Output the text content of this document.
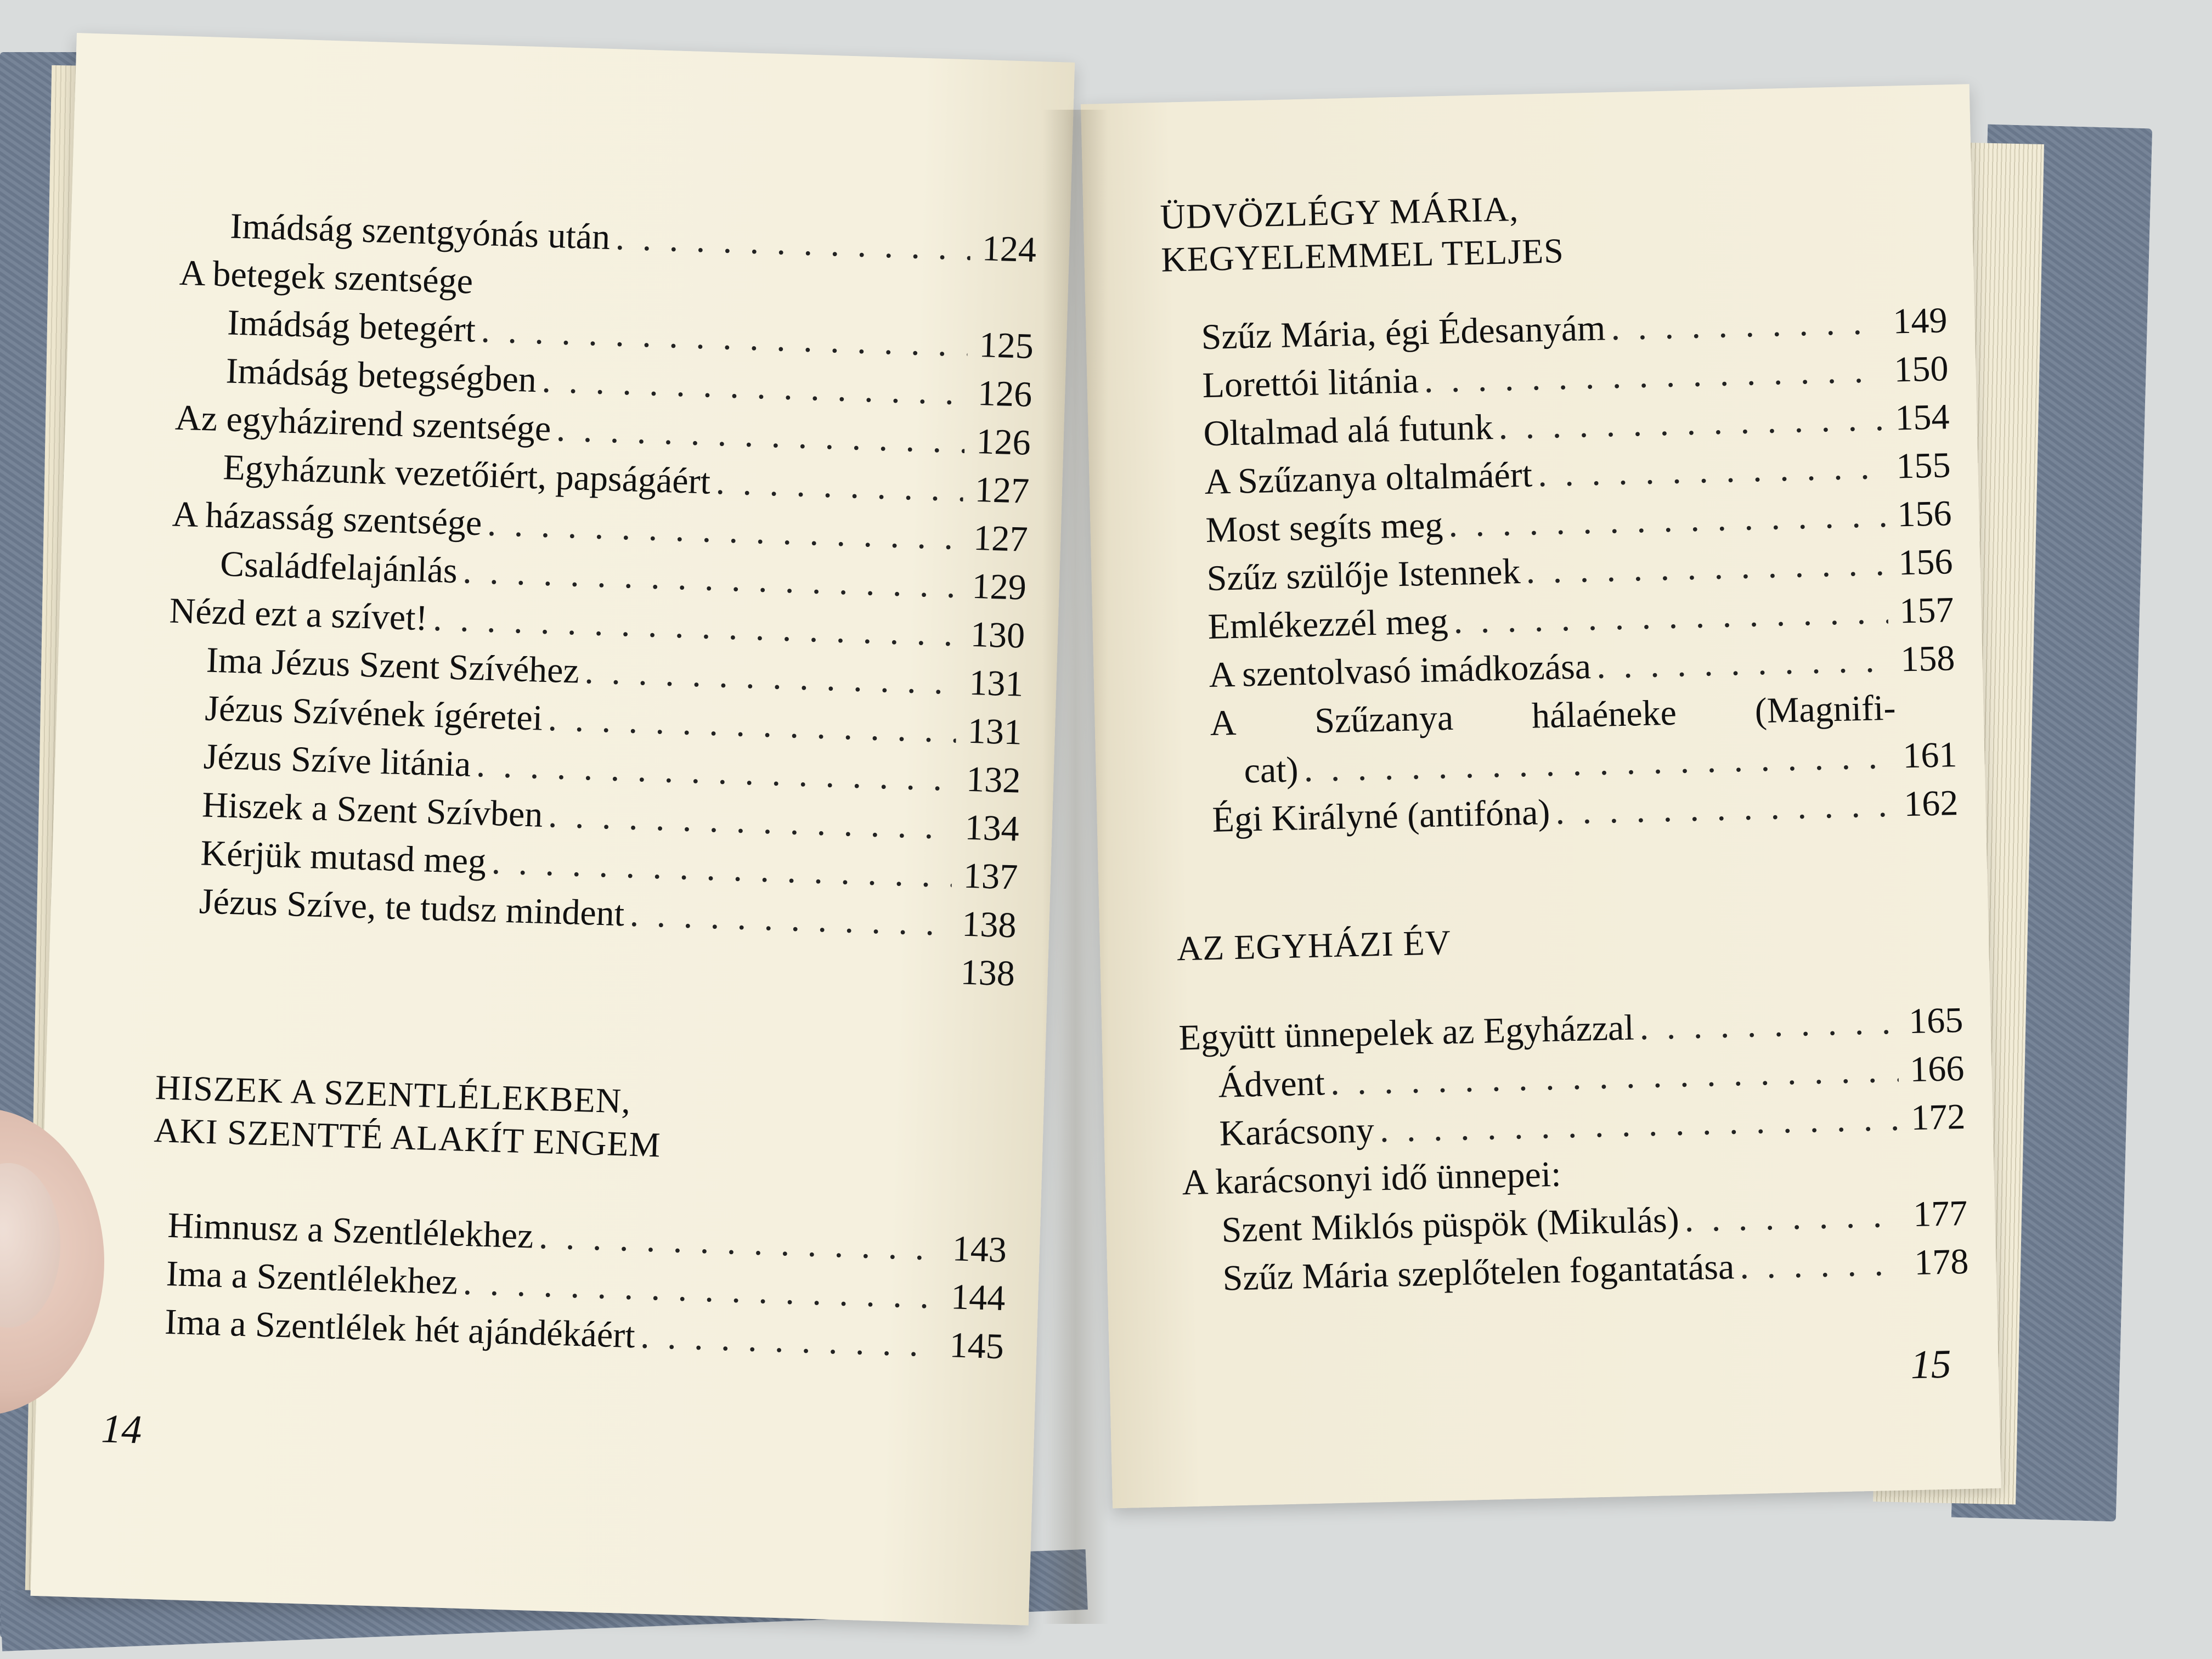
Imádság szentgyónás után . . .	124
A betegek szentsége
Imádság betegért . . .	125
Imádság betegségben . . .	126
Az egyházirend szentsége . . .	126
Egyházunk vezetőiért, papságáért . . .	127
A házasság szentsége . . .	127
Családfelajánlás . . .	129
Nézd ezt a szívet! . . .	130
Ima Jézus Szent Szívéhez . . .	131
Jézus Szívének ígéretei . . .	131
Jézus Szíve litánia . . .	132
Hiszek a Szent Szívben . . .	134
Kérjük mutasd meg . . .	137
Jézus Szíve, te tudsz mindent . . .	138
138
HISZEK A SZENTLÉLEKBEN,
AKI SZENTTÉ ALAKÍT ENGEM
Himnusz a Szentlélekhez . . .	143
Ima a Szentlélekhez . . .	144
Ima a Szentlélek hét ajándékáért . . .	145
14
ÜDVÖZLÉGY MÁRIA,
KEGYELEMMEL TELJES
Szűz Mária, égi Édesanyám . . .	149
Lorettói litánia . . .	150
Oltalmad alá futunk . . .	154
A Szűzanya oltalmáért . . .	155
Most segíts meg . . .	156
Szűz szülője Istennek . . .	156
Emlékezzél meg . . .	157
A szentolvasó imádkozása . . .	158
A Szűzanya hálaéneke (Magnifi-
cat) . . .	161
Égi Királyné (antifóna) . . .	162
AZ EGYHÁZI ÉV
Együtt ünnepelek az Egyházzal . . .	165
Ádvent . . .	166
Karácsony . . .	172
A karácsonyi idő ünnepei:
Szent Miklós püspök (Mikulás) . . .	177
Szűz Mária szeplőtelen fogantatása . . .	178
15
